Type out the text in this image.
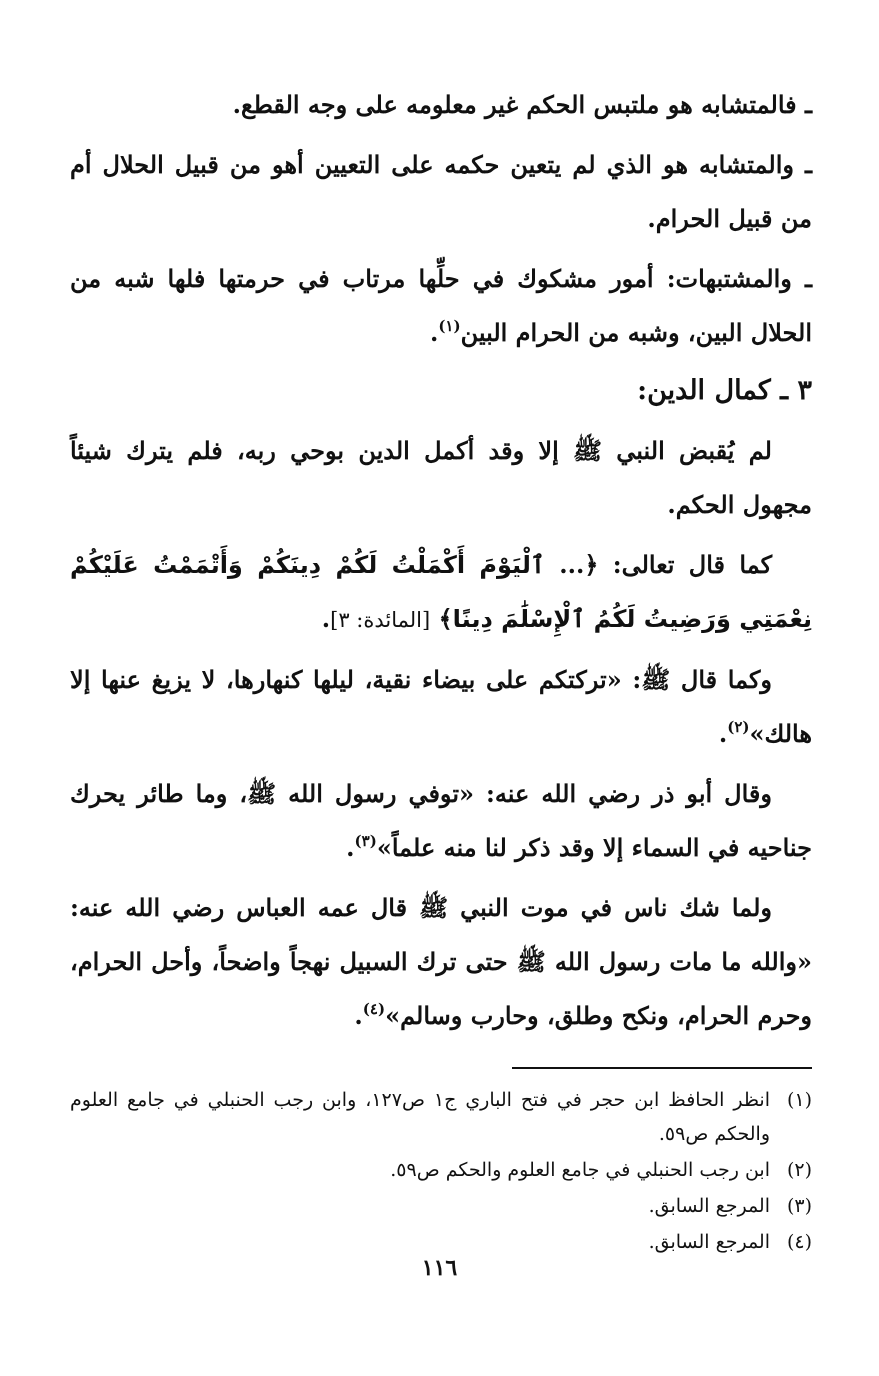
ـ فالمتشابه هو ملتبس الحكم غير معلومه على وجه القطع.

ـ والمتشابه هو الذي لم يتعين حكمه على التعيين أهو من قبيل الحلال أم من قبيل الحرام.

ـ والمشتبهات: أمور مشكوك في حلِّها مرتاب في حرمتها فلها شبه من الحلال البين، وشبه من الحرام البين$^{(١)}$.

٣ ـ كمال الدين:

لم يُقبض النبي ﷺ إلا وقد أكمل الدين بوحي ربه، فلم يترك شيئاً مجهول الحكم.

كما قال تعالى: ﴿... ٱلْيَوْمَ أَكْمَلْتُ لَكُمْ دِينَكُمْ وَأَتْمَمْتُ عَلَيْكُمْ نِعْمَتِي وَرَضِيتُ لَكُمُ ٱلْإِسْلَٰمَ دِينًا﴾ [المائدة: ٣].

وكما قال ﷺ: «تركتكم على بيضاء نقية، ليلها كنهارها، لا يزيغ عنها إلا هالك»$^{(٢)}$.

وقال أبو ذر رضي الله عنه: «توفي رسول الله ﷺ، وما طائر يحرك جناحيه في السماء إلا وقد ذكر لنا منه علماً»$^{(٣)}$.

ولما شك ناس في موت النبي ﷺ قال عمه العباس رضي الله عنه: «والله ما مات رسول الله ﷺ حتى ترك السبيل نهجاً واضحاً، وأحل الحرام، وحرم الحرام، ونكح وطلق، وحارب وسالم»$^{(٤)}$.

(١)انظر الحافظ ابن حجر في فتح الباري ج١ ص١٢٧، وابن رجب الحنبلي في جامع العلوم والحكم ص٥٩.

(٢)ابن رجب الحنبلي في جامع العلوم والحكم ص٥٩.

(٣)المرجع السابق.

(٤)المرجع السابق.

١١٦
